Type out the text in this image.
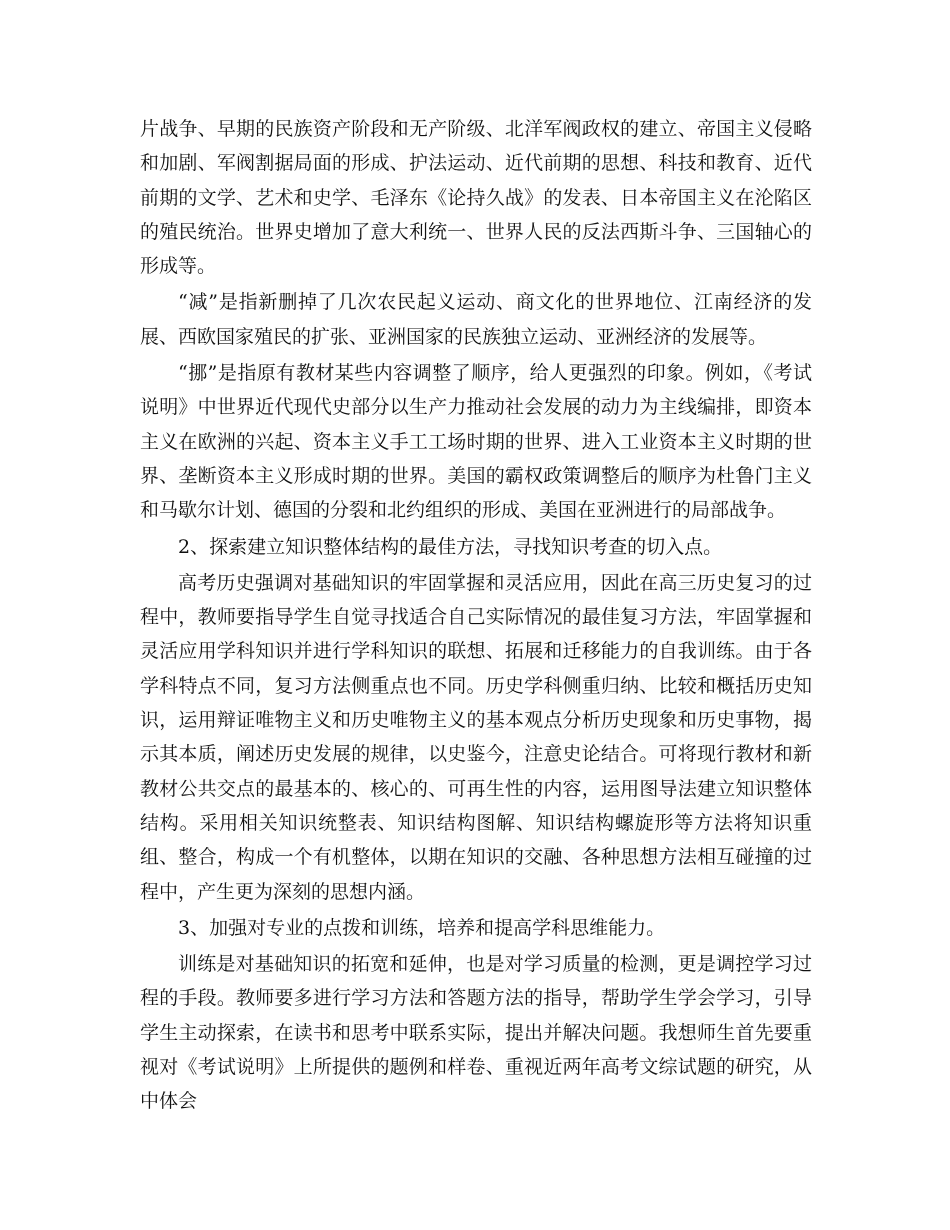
片战争、早期的民族资产阶段和无产阶级、北洋军阀政权的建立、帝国主义侵略和加剧、军阀割据局面的形成、护法运动、近代前期的思想、科技和教育、近代前期的文学、艺术和史学、毛泽东《论持久战》的发表、日本帝国主义在沦陷区的殖民统治。世界史增加了意大利统一、世界人民的反法西斯斗争、三国轴心的形成等。

“减”是指新删掉了几次农民起义运动、商文化的世界地位、江南经济的发展、西欧国家殖民的扩张、亚洲国家的民族独立运动、亚洲经济的发展等。

“挪”是指原有教材某些内容调整了顺序，给人更强烈的印象。例如，《考试说明》中世界近代现代史部分以生产力推动社会发展的动力为主线编排，即资本主义在欧洲的兴起、资本主义手工工场时期的世界、进入工业资本主义时期的世界、垄断资本主义形成时期的世界。美国的霸权政策调整后的顺序为杜鲁门主义和马歇尔计划、德国的分裂和北约组织的形成、美国在亚洲进行的局部战争。

2、探索建立知识整体结构的最佳方法，寻找知识考查的切入点。

高考历史强调对基础知识的牢固掌握和灵活应用，因此在高三历史复习的过程中，教师要指导学生自觉寻找适合自己实际情况的最佳复习方法，牢固掌握和灵活应用学科知识并进行学科知识的联想、拓展和迁移能力的自我训练。由于各学科特点不同，复习方法侧重点也不同。历史学科侧重归纳、比较和概括历史知识，运用辩证唯物主义和历史唯物主义的基本观点分析历史现象和历史事物，揭示其本质，阐述历史发展的规律，以史鉴今，注意史论结合。可将现行教材和新教材公共交点的最基本的、核心的、可再生性的内容，运用图导法建立知识整体结构。采用相关知识统整表、知识结构图解、知识结构螺旋形等方法将知识重组、整合，构成一个有机整体，以期在知识的交融、各种思想方法相互碰撞的过程中，产生更为深刻的思想内涵。

3、加强对专业的点拨和训练，培养和提高学科思维能力。

训练是对基础知识的拓宽和延伸，也是对学习质量的检测，更是调控学习过程的手段。教师要多进行学习方法和答题方法的指导，帮助学生学会学习，引导学生主动探索，在读书和思考中联系实际，提出并解决问题。我想师生首先要重视对《考试说明》上所提供的题例和样卷、重视近两年高考文综试题的研究，从中体会
